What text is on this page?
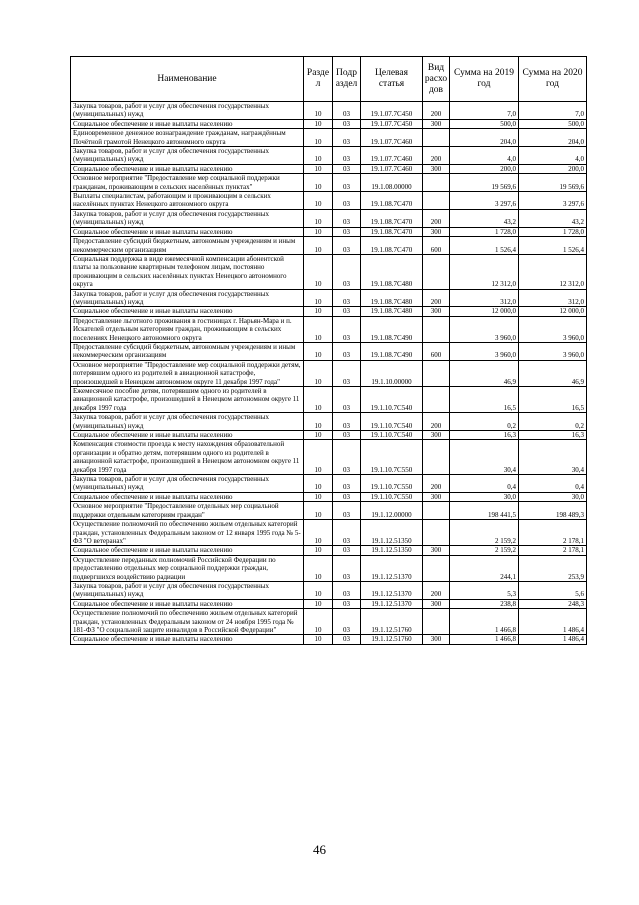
Наименование	Разде л	Подр аздел	Целевая статья	Вид расхо дов	Сумма на 2019 год	Сумма на 2020 год
Закупка товаров, работ и услуг для обеспечения государственных (муниципальных) нужд	10	03	19.1.07.7С450	200	7,0	7,0
Социальное обеспечение и иные выплаты населению	10	03	19.1.07.7С450	300	500,0	500,0
Единовременное денежное вознаграждение гражданам, награждённым Почётной грамотой Ненецкого автономного округа	10	03	19.1.07.7С460		204,0	204,0
Закупка товаров, работ и услуг для обеспечения государственных (муниципальных) нужд	10	03	19.1.07.7С460	200	4,0	4,0
Социальное обеспечение и иные выплаты населению	10	03	19.1.07.7С460	300	200,0	200,0
Основное мероприятие "Предоставление мер социальной поддержки гражданам, проживающим в сельских населённых пунктах"	10	03	19.1.08.00000		19 569,6	19 569,6
Выплаты специалистам, работающим и проживающим в сельских населённых пунктах Ненецкого автономного округа	10	03	19.1.08.7С470		3 297,6	3 297,6
Закупка товаров, работ и услуг для обеспечения государственных (муниципальных) нужд	10	03	19.1.08.7С470	200	43,2	43,2
Социальное обеспечение и иные выплаты населению	10	03	19.1.08.7С470	300	1 728,0	1 728,0
Предоставление субсидий бюджетным, автономным учреждениям и иным некоммерческим организациям	10	03	19.1.08.7С470	600	1 526,4	1 526,4
Социальная поддержка в виде ежемесячной компенсации абонентской платы за пользование квартирным телефоном лицам, постоянно проживающим в сельских населённых пунктах Ненецкого автономного округа	10	03	19.1.08.7С480		12 312,0	12 312,0
Закупка товаров, работ и услуг для обеспечения государственных (муниципальных) нужд	10	03	19.1.08.7С480	200	312,0	312,0
Социальное обеспечение и иные выплаты населению	10	03	19.1.08.7С480	300	12 000,0	12 000,0
Предоставление льготного проживания в гостиницах г. Нарьян-Мара и п. Искателей отдельным категориям граждан, проживающим в сельских поселениях Ненецкого автономного округа	10	03	19.1.08.7С490		3 960,0	3 960,0
Предоставление субсидий бюджетным, автономным учреждениям и иным некоммерческим организациям	10	03	19.1.08.7С490	600	3 960,0	3 960,0
Основное мероприятие "Предоставление мер социальной поддержки детям, потерявшим одного из родителей в авиационной катастрофе, произошедшей в Ненецком автономном округе 11 декабря 1997 года"	10	03	19.1.10.00000		46,9	46,9
Ежемесячное пособие детям, потерявшим одного из родителей в авиационной катастрофе, произошедшей в Ненецком автономном округе 11 декабря 1997 года	10	03	19.1.10.7С540		16,5	16,5
Закупка товаров, работ и услуг для обеспечения государственных (муниципальных) нужд	10	03	19.1.10.7С540	200	0,2	0,2
Социальное обеспечение и иные выплаты населению	10	03	19.1.10.7С540	300	16,3	16,3
Компенсация стоимости проезда к месту нахождения образовательной организации и обратно детям, потерявшим одного из родителей в авиационной катастрофе, произошедшей в Ненецком автономном округе 11 декабря 1997 года	10	03	19.1.10.7С550		30,4	30,4
Закупка товаров, работ и услуг для обеспечения государственных (муниципальных) нужд	10	03	19.1.10.7С550	200	0,4	0,4
Социальное обеспечение и иные выплаты населению	10	03	19.1.10.7С550	300	30,0	30,0
Основное мероприятие "Предоставление отдельных мер социальной поддержки отдельным категориям граждан"	10	03	19.1.12.00000		198 441,5	198 489,3
Осуществление полномочий по обеспечению жильем отдельных категорий граждан, установленных Федеральным законом от 12 января 1995 года № 5-ФЗ "О ветеранах"	10	03	19.1.12.51350		2 159,2	2 178,1
Социальное обеспечение и иные выплаты населению	10	03	19.1.12.51350	300	2 159,2	2 178,1
Осуществление переданных полномочий Российской Федерации по предоставлению отдельных мер социальной поддержки граждан, подвергшихся воздействию радиации	10	03	19.1.12.51370		244,1	253,9
Закупка товаров, работ и услуг для обеспечения государственных (муниципальных) нужд	10	03	19.1.12.51370	200	5,3	5,6
Социальное обеспечение и иные выплаты населению	10	03	19.1.12.51370	300	238,8	248,3
Осуществление полномочий по обеспечению жильем отдельных категорий граждан, установленных Федеральным законом от 24 ноября 1995 года № 181-ФЗ "О социальной защите инвалидов в Российской Федерации"	10	03	19.1.12.51760		1 466,8	1 486,4
Социальное обеспечение и иные выплаты населению	10	03	19.1.12.51760	300	1 466,8	1 486,4
46
